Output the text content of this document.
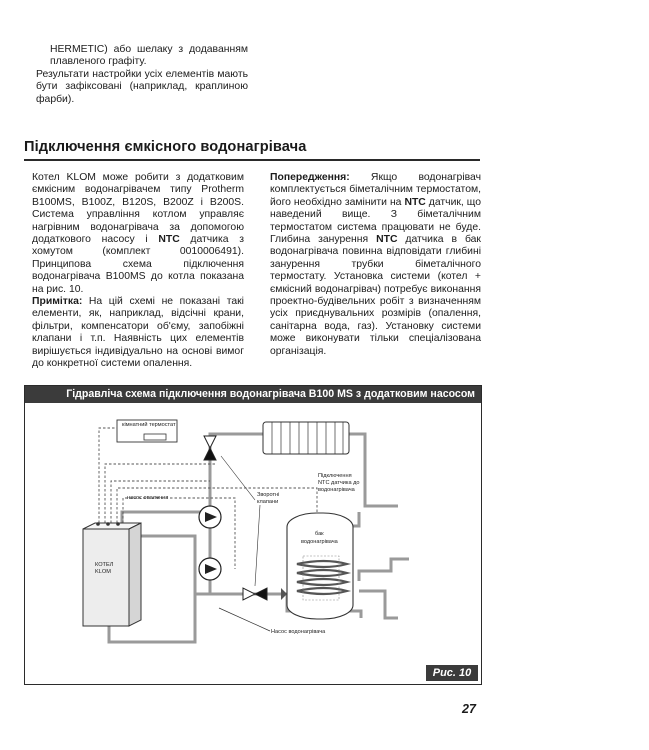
HERMETIC) або шелаку з додаванням плавленого графіту.

Результати настройки усіх елементів мають бути зафіксовані (наприклад, краплиною фарби).

Підключення ємкісного водонагрівача

Котел KLOM може робити з додатковим ємкісним водонагрівачем типу Protherm B100MS, B100Z, B120S, B200Z і B200S. Система управління котлом управляє нагрівним водонагрівача за допомогою додаткового насосу і NTC датчика з хомутом (комплект 0010006491). Принципова схема підключення водонагрівача B100MS до котла показана на рис. 10.

Примітка: На цій схемі не показані такі елементи, як, наприклад, відсічні крани, фільтри, компенсатори об'єму, запобіжні клапани і т.п. Наявність цих елементів вирішується індивідуально на основі вимог до конкретної системи опалення.

Попередження: Якщо водонагрівач комплектується біметалічним термостатом, його необхідно замінити на NTC датчик, що наведений вище. З біметалічним термостатом система працювати не буде. Глибина занурення NTC датчика в бак водонагрівача повинна відповідати глибині занурення трубки біметалічного термостату. Установка системи (котел + ємкісний водонагрівач) потребує виконання проектно-будівельних робіт з визначенням усіх приєднувальних розмірів (опалення, санітарна вода, газ). Установку системи може виконувати тільки спеціалізована організація.

кімнатний термостат
насос опалення
Насос водонагрівача
Зворотні
клапани
бак
водонагрівача
Підключення
NTC датчика до
водонагрівача
КОТЕЛ
KLOM
Гідравліча схема підключення водонагрівача B100 MS з додатковим насосом
Рис. 10
27
